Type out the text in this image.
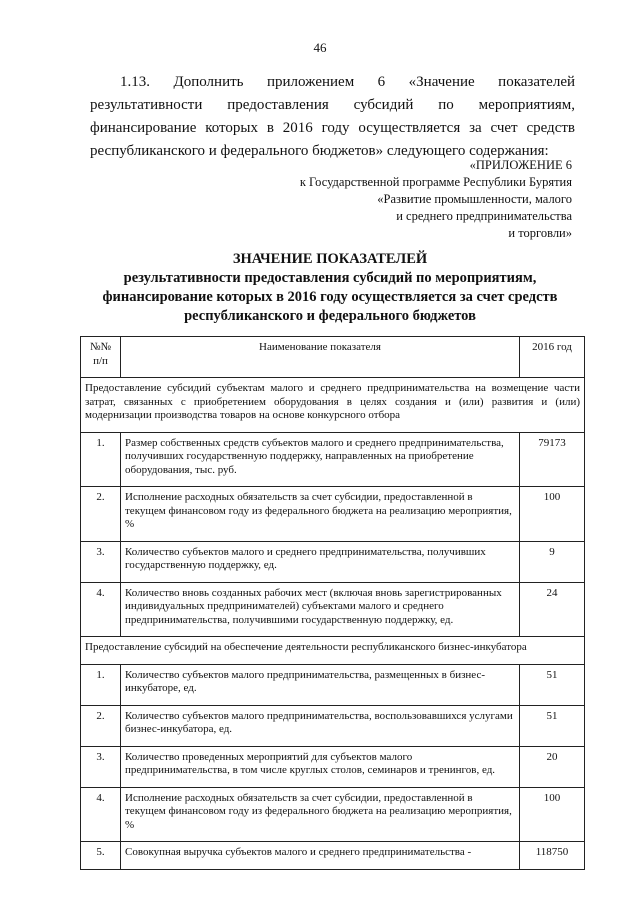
46

1.13. Дополнить приложением 6 «Значение показателей результативности предоставления субсидий по мероприятиям, финансирование которых в 2016 году осуществляется за счет средств республиканского и федерального бюджетов» следующего содержания:

«ПРИЛОЖЕНИЕ 6
к Государственной программе Республики Бурятия
«Развитие промышленности, малого
и среднего предпринимательства
и торговли»
ЗНАЧЕНИЕ ПОКАЗАТЕЛЕЙ
результативности предоставления субсидий по мероприятиям,
финансирование которых в 2016 году осуществляется за счет средств
республиканского и федерального бюджетов
№№ п/п	Наименование показателя	2016 год
Предоставление субсидий субъектам малого и среднего предпринимательства на возмещение части затрат, связанных с приобретением оборудования в целях создания и (или) развития и (или) модернизации производства товаров на основе конкурсного отбора		
1.	Размер собственных средств субъектов малого и среднего предпринимательства, получивших государственную поддержку, направленных на приобретение оборудования, тыс. руб.	79173
2.	Исполнение расходных обязательств за счет субсидии, предоставленной в текущем финансовом году из федерального бюджета на реализацию мероприятия, %	100
3.	Количество субъектов малого и среднего предпринимательства, получивших государственную поддержку, ед.	9
4.	Количество вновь созданных рабочих мест (включая вновь зарегистрированных индивидуальных предпринимателей) субъектами малого и среднего предпринимательства, получившими государственную поддержку, ед.	24
Предоставление субсидий на обеспечение деятельности республиканского бизнес-инкубатора		
1.	Количество субъектов малого предпринимательства, размещенных в бизнес-инкубаторе, ед.	51
2.	Количество субъектов малого предпринимательства, воспользовавшихся услугами бизнес-инкубатора, ед.	51
3.	Количество проведенных мероприятий для субъектов малого предпринимательства, в том числе круглых столов, семинаров и тренингов, ед.	20
4.	Исполнение расходных обязательств за счет субсидии, предоставленной в текущем финансовом году из федерального бюджета на реализацию мероприятия, %	100
5.	Совокупная выручка субъектов малого и среднего предпринимательства -	118750
